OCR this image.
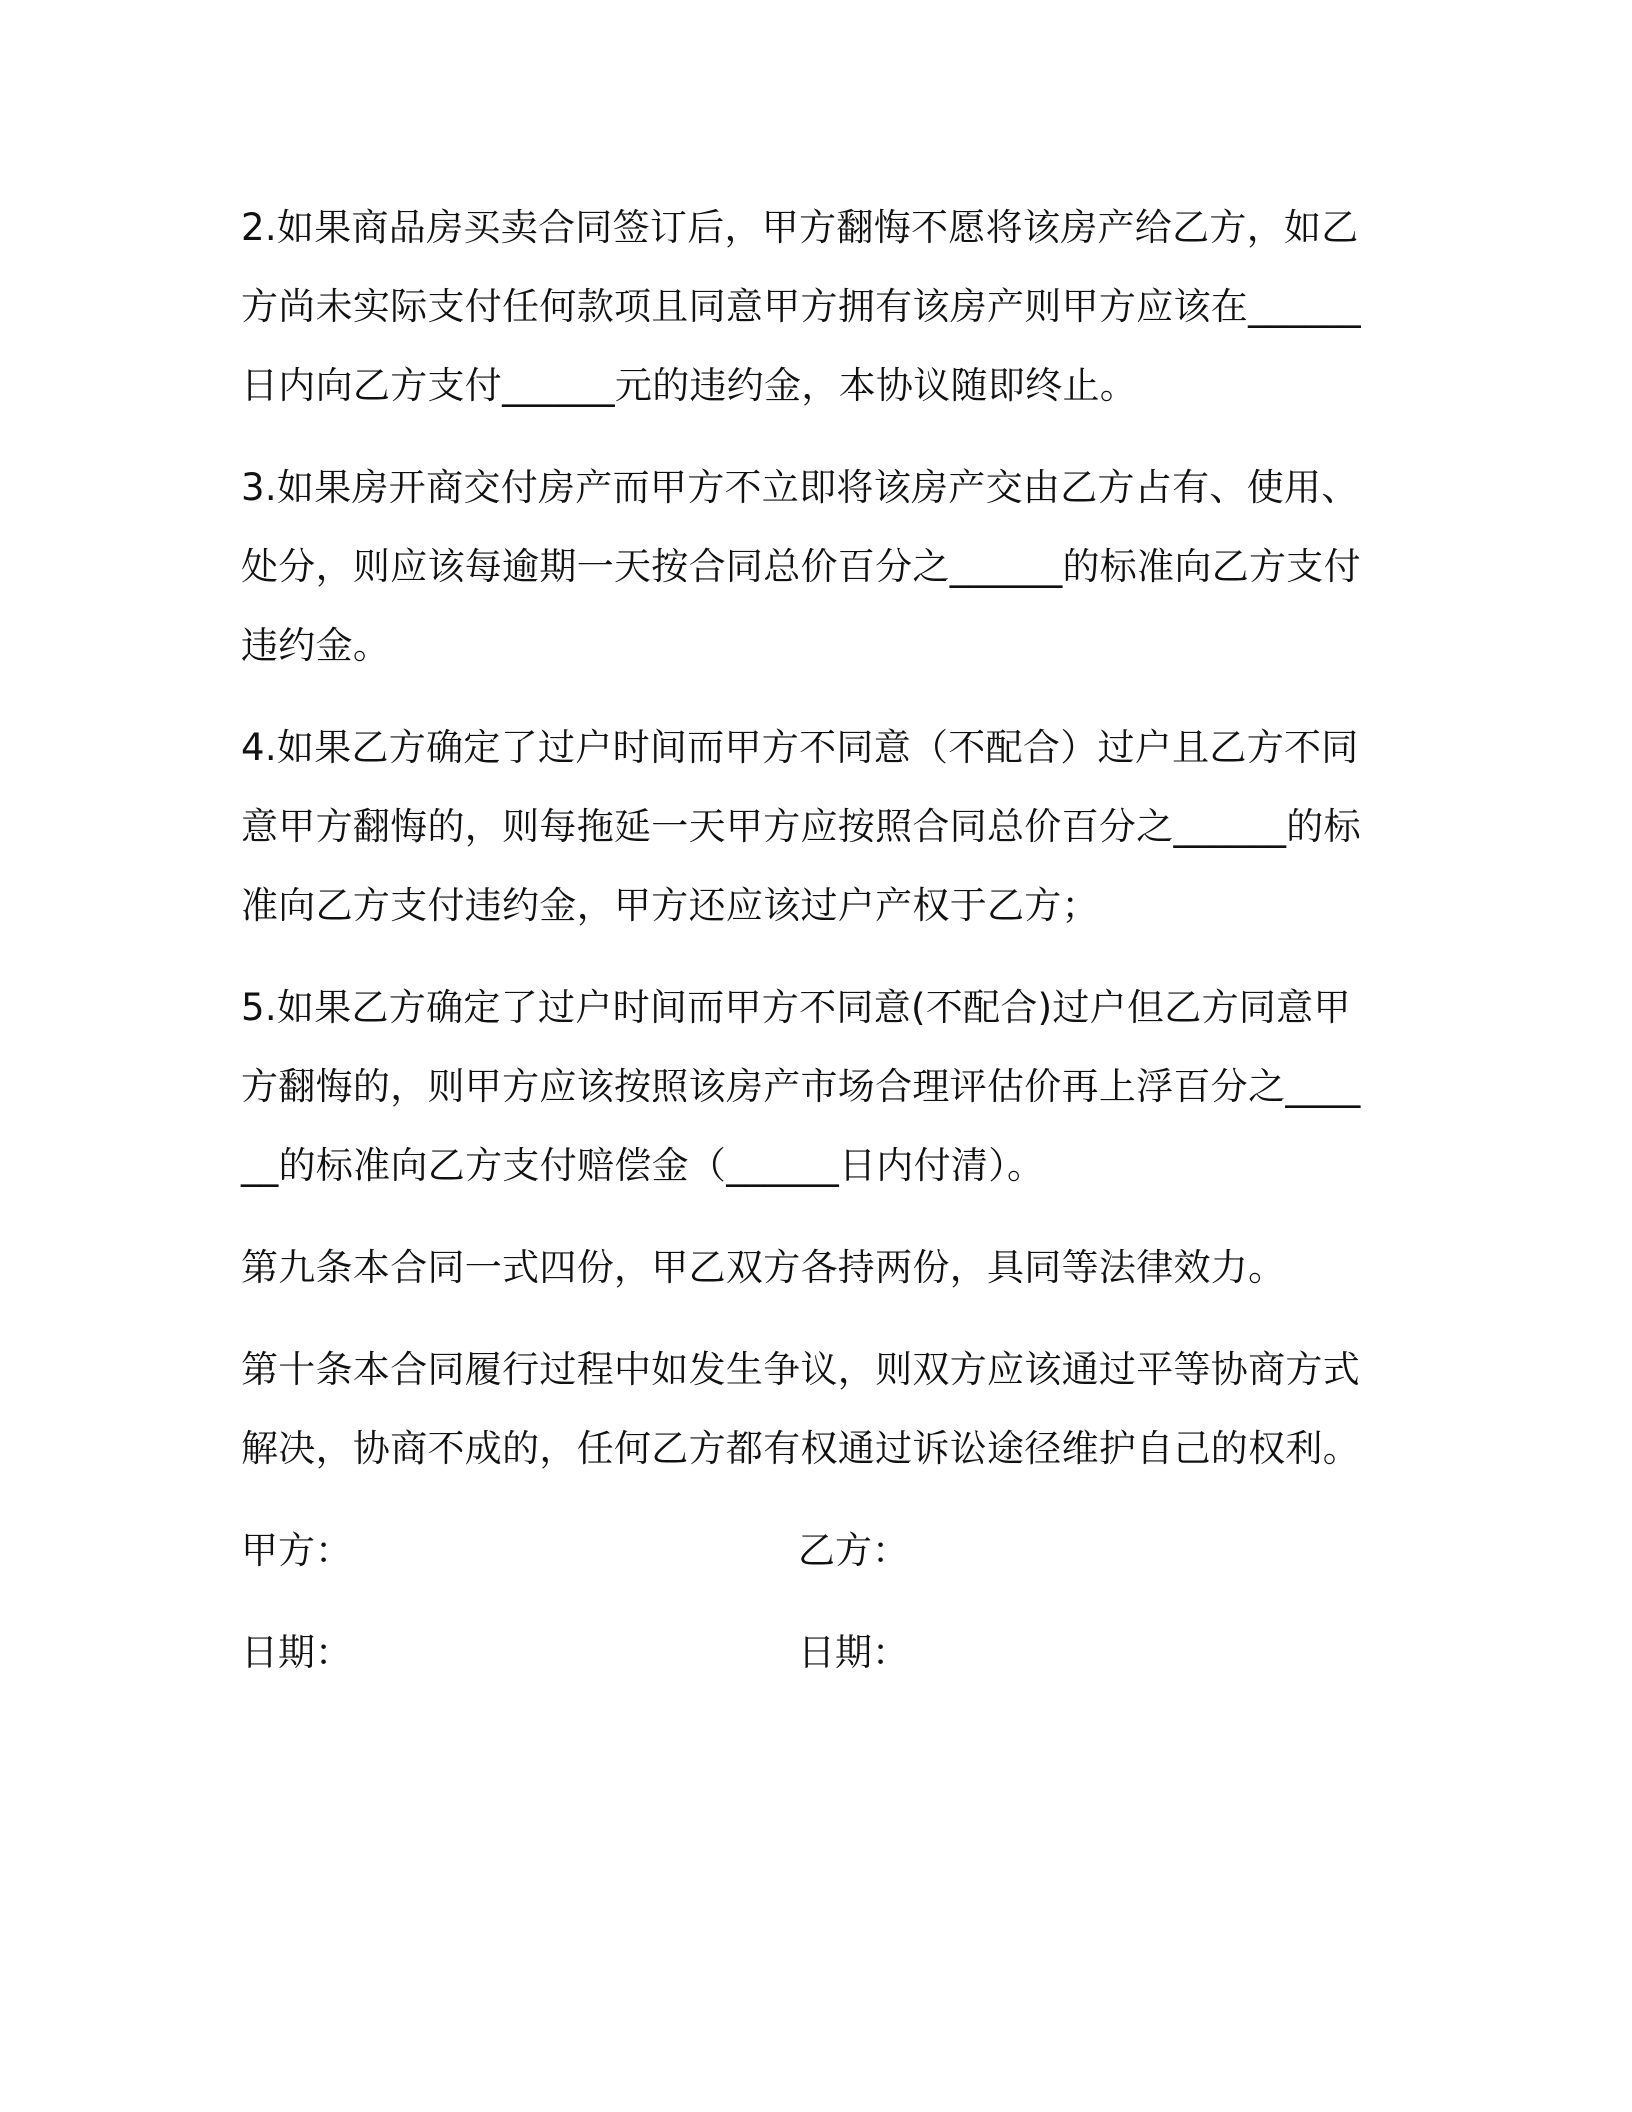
2.如果商品房买卖合同签订后，甲方翻悔不愿将该房产给乙方，如乙方尚未实际支付任何款项且同意甲方拥有该房产则甲方应该在______日内向乙方支付______元的违约金，本协议随即终止。

3.如果房开商交付房产而甲方不立即将该房产交由乙方占有、使用、处分，则应该每逾期一天按合同总价百分之______的标准向乙方支付违约金。

4.如果乙方确定了过户时间而甲方不同意（不配合）过户且乙方不同意甲方翻悔的，则每拖延一天甲方应按照合同总价百分之______的标准向乙方支付违约金，甲方还应该过户产权于乙方；

5.如果乙方确定了过户时间而甲方不同意(不配合)过户但乙方同意甲方翻悔的，则甲方应该按照该房产市场合理评估价再上浮百分之______的标准向乙方支付赔偿金（______日内付清）。

第九条本合同一式四份，甲乙双方各持两份，具同等法律效力。

第十条本合同履行过程中如发生争议，则双方应该通过平等协商方式解决，协商不成的，任何乙方都有权通过诉讼途径维护自己的权利。

甲方：	乙方：
日期：	日期：
